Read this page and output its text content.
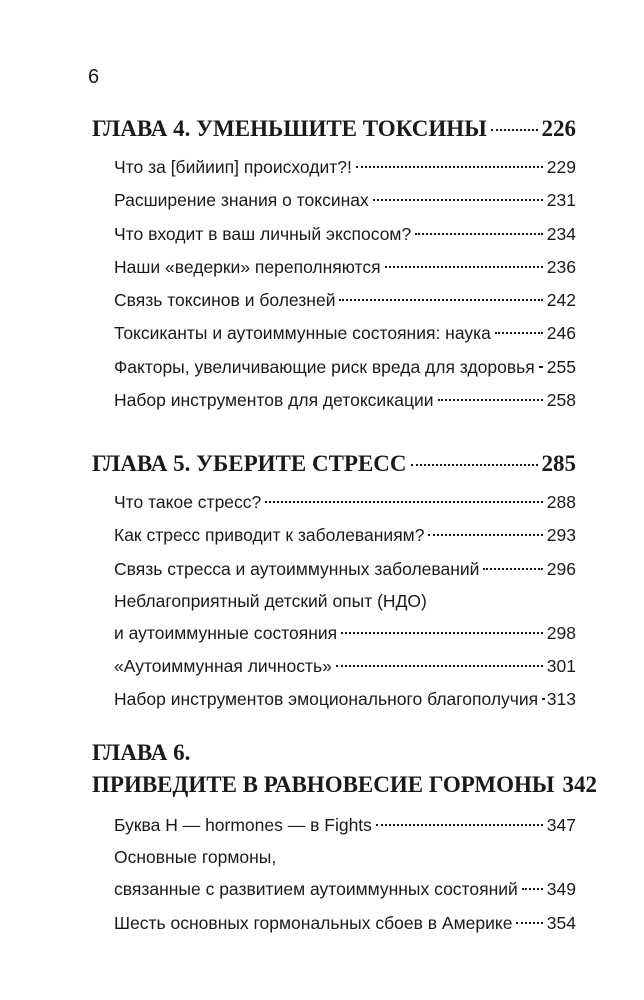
6
ГЛАВА 4. УМЕНЬШИТЕ ТОКСИНЫ 226
Что за [бийиип] происходит?!	229
Расширение знания о токсинах	231
Что входит в ваш личный экспосом?	234
Наши «ведерки» переполняются	236
Связь токсинов и болезней	242
Токсиканты и аутоиммунные состояния: наука	246
Факторы, увеличивающие риск вреда для здоровья 255
Набор инструментов для детоксикации	258
ГЛАВА 5. УБЕРИТЕ СТРЕСС	285
Что такое стресс?	288
Как стресс приводит к заболеваниям?	293
Связь стресса и аутоиммунных заболеваний	296
Неблагоприятный детский опыт (НДО)
и аутоиммунные состояния	298
«Аутоиммунная личность»	301
Набор инструментов эмоционального благополучия 313
ГЛАВА 6.
ПРИВЕДИТЕ В РАВНОВЕСИЕ ГОРМОНЫ 342
Буква H — hormones — в Fights	347
Основные гормоны,
связанные с развитием аутоиммунных состояний 349
Шесть основных гормональных сбоев в Америке 354
